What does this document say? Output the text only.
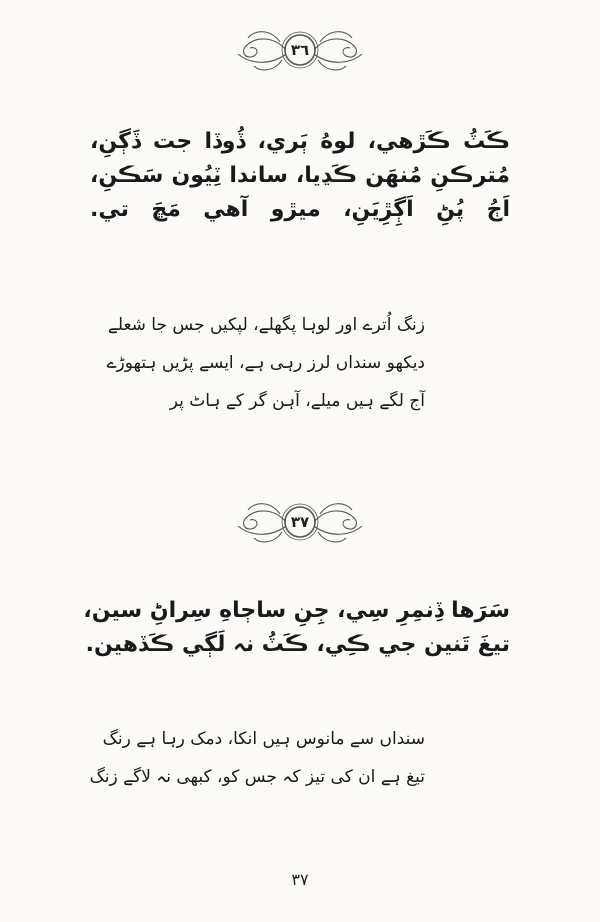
۳٦
ڪَٽُ ڪَڙهي، لوهُ ٻَري، ڏُوڏا جت ڏَڳنِ،
مُترڪنِ مُنهَن ڪَڍيا، ساندا ٽِيُون سَڪنِ،
اَڄُ پُڻِ اَڳِڙِيَنِ، ميڙو آهي مَڇَ تي.
زنگ اُترے اور لوہا پگھلے، لپکیں جس جا شعلے
دیکھو سنداں لرز رہی ہے، ایسے پڑیں ہتھوڑے
آج لگے ہیں میلے، آہن گر کے ہاٹ پر
۳۷
سَرَها ڏِنمِرِ سِي، جِنِ ساڄاهِ سِراڻِ سين،
تيغَ تَنين جي ڪِي، ڪَٽُ نہ لَڳي ڪَڏهين.
سنداں سے مانوس ہیں انکا، دمک رہا ہے رنگ
تیغ ہے ان کی تیز کہ جس کو، کبھی نہ لاگے زنگ
۳۷
